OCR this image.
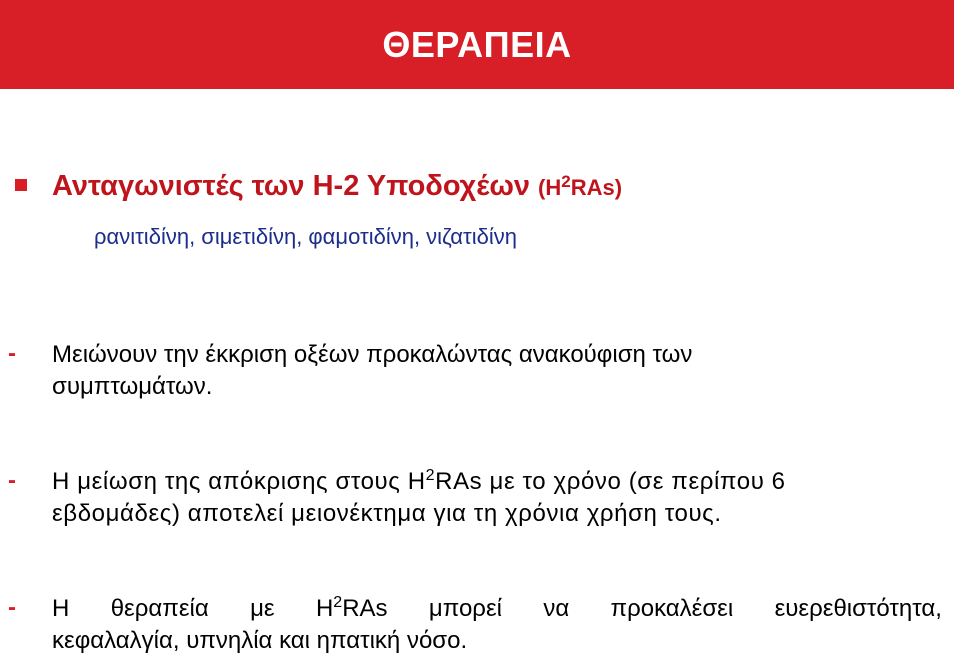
ΘΕΡΑΠΕΙΑ
Ανταγωνιστές των Η-2 Υποδοχέων $(H^2RAs)$
ρανιτιδίνη, σιμετιδίνη, φαμοτιδίνη, νιζατιδίνη
- Μειώνουν την έκκριση οξέων προκαλώντας ανακούφιση των
συμπτωμάτων.
- Η μείωση της απόκρισης στους $H^2RAs$ με το χρόνο (σε περίπου 6
εβδομάδες) αποτελεί μειονέκτημα για τη χρόνια χρήση τους.
- Η θεραπεία με $H^2RAs$ μπορεί να προκαλέσει ευερεθιστότητα,
κεφαλαλγία, υπνηλία και ηπατική νόσο.
